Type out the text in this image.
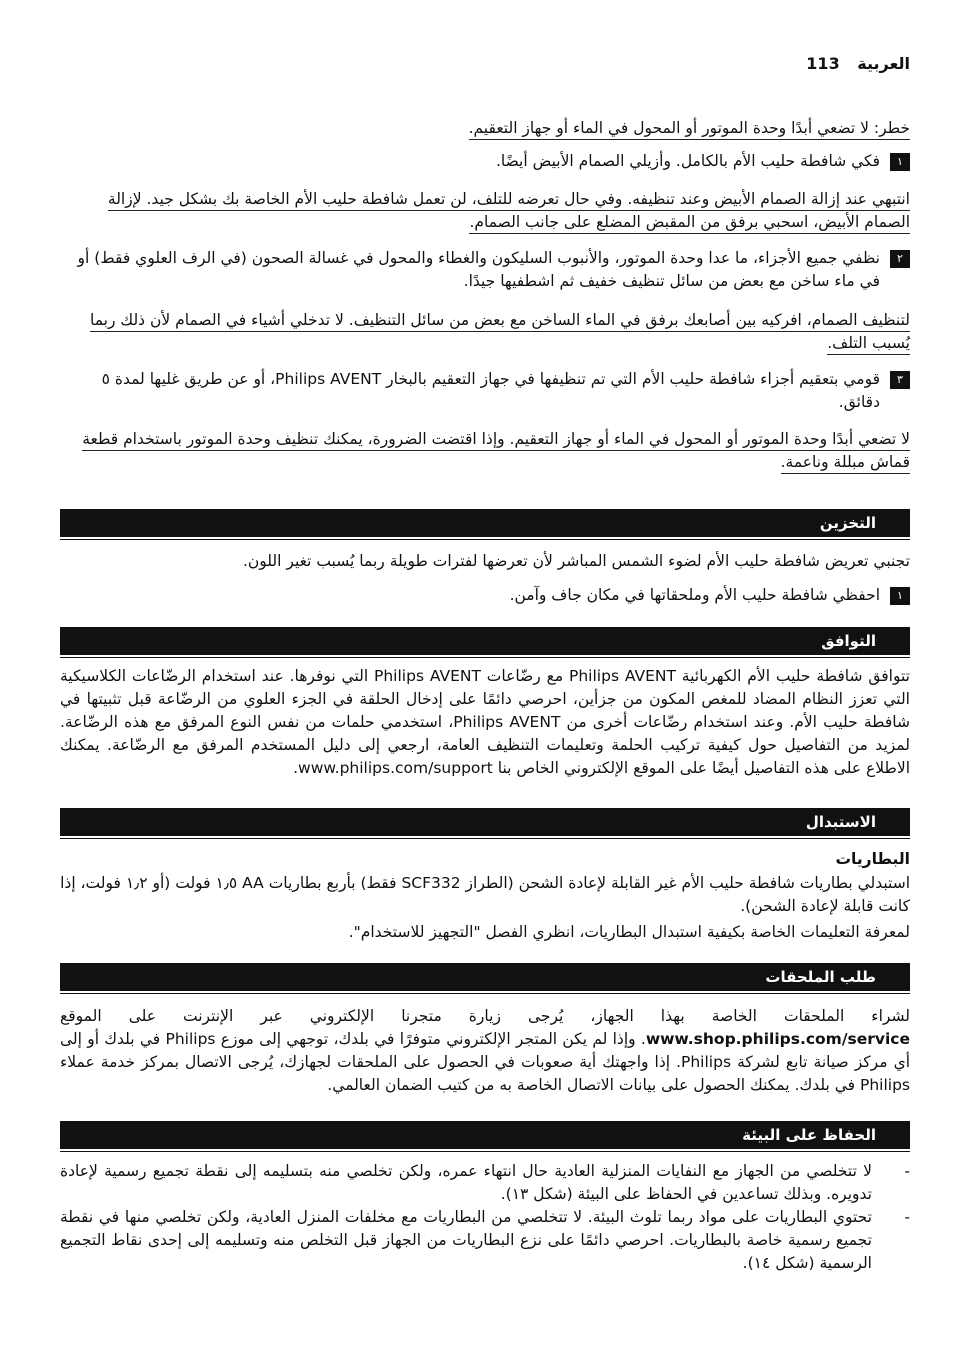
العربية 113
خطر: لا تضعي أبدًا وحدة الموتور أو المحول في الماء أو جهاز التعقيم.
١
فكي شافطة حليب الأم بالكامل. وأزيلي الصمام الأبيض أيضًا.
انتبهي عند إزالة الصمام الأبيض وعند تنظيفه. وفي حال تعرضه للتلف، لن تعمل شافطة حليب الأم الخاصة بك بشكل جيد. لإزالة الصمام الأبيض، اسحبي برفق من المقبض المضلع على جانب الصمام.
٢
نظفي جميع الأجزاء، ما عدا وحدة الموتور، والأنبوب السليكون والغطاء والمحول في غسالة الصحون (في الرف العلوي فقط) أو في ماء ساخن مع بعض من سائل تنظيف خفيف ثم اشطفيها جيدًا.
لتنظيف الصمام، افركيه بين أصابعك برفق في الماء الساخن مع بعض من سائل التنظيف. لا تدخلي أشياء في الصمام لأن ذلك ربما يُسبب التلف.
٣
قومي بتعقيم أجزاء شافطة حليب الأم التي تم تنظيفها في جهاز التعقيم بالبخار Philips AVENT، أو عن طريق غليها لمدة ٥ دقائق.
لا تضعي أبدًا وحدة الموتور أو المحول في الماء أو جهاز التعقيم. وإذا اقتضت الضرورة، يمكنك تنظيف وحدة الموتور باستخدام قطعة قماش مبللة وناعمة.
التخزين
تجنبي تعريض شافطة حليب الأم لضوء الشمس المباشر لأن تعرضها لفترات طويلة ربما يُسبب تغير اللون.
١
احفظي شافطة حليب الأم وملحقاتها في مكان جاف وآمن.
التوافق
تتوافق شافطة حليب الأم الكهربائية Philips AVENT مع رضّاعات Philips AVENT التي نوفرها. عند استخدام الرضّاعات الكلاسيكية التي تعزز النظام المضاد للمغص المكون من جزأين، احرصي دائمًا على إدخال الحلقة في الجزء العلوي من الرضّاعة قبل تثبيتها في شافطة حليب الأم. وعند استخدام رضّاعات أخرى من Philips AVENT، استخدمي حلمات من نفس النوع المرفق مع هذه الرضّاعة. لمزيد من التفاصيل حول كيفية تركيب الحلمة وتعليمات التنظيف العامة، ارجعي إلى دليل المستخدم المرفق مع الرضّاعة. يمكنك الاطلاع على هذه التفاصيل أيضًا على الموقع الإلكتروني الخاص بنا www.philips.com/support.
الاستبدال
البطاريات
استبدلي بطاريات شافطة حليب الأم غير القابلة لإعادة الشحن (الطراز SCF332 فقط) بأربع بطاريات AA ١٫٥ فولت (أو ١٫٢ فولت، إذا كانت قابلة لإعادة الشحن).
لمعرفة التعليمات الخاصة بكيفية استبدال البطاريات، انظري الفصل "التجهيز للاستخدام".
طلب الملحقات
لشراء الملحقات الخاصة بهذا الجهاز، يُرجى زيارة متجرنا الإلكتروني عبر الإنترنت على الموقع www.shop.philips.com/service. وإذا لم يكن المتجر الإلكتروني متوفرًا في بلدك، توجهي إلى موزع Philips في بلدك أو إلى أي مركز صيانة تابع لشركة Philips. إذا واجهتك أية صعوبات في الحصول على الملحقات لجهازك، يُرجى الاتصال بمركز خدمة عملاء Philips في بلدك. يمكنك الحصول على بيانات الاتصال الخاصة به من كتيب الضمان العالمي.
الحفاظ على البيئة
-
لا تتخلصي من الجهاز مع النفايات المنزلية العادية حال انتهاء عمره، ولكن تخلصي منه بتسليمه إلى نقطة تجميع رسمية لإعادة تدويره. وبذلك تساعدين في الحفاظ على البيئة (شكل ١٣).
-
تحتوي البطاريات على مواد ربما تلوث البيئة. لا تتخلصي من البطاريات مع مخلفات المنزل العادية، ولكن تخلصي منها في نقطة تجميع رسمية خاصة بالبطاريات. احرصي دائمًا على نزع البطاريات من الجهاز قبل التخلص منه وتسليمه إلى إحدى نقاط التجميع الرسمية (شكل ١٤).
